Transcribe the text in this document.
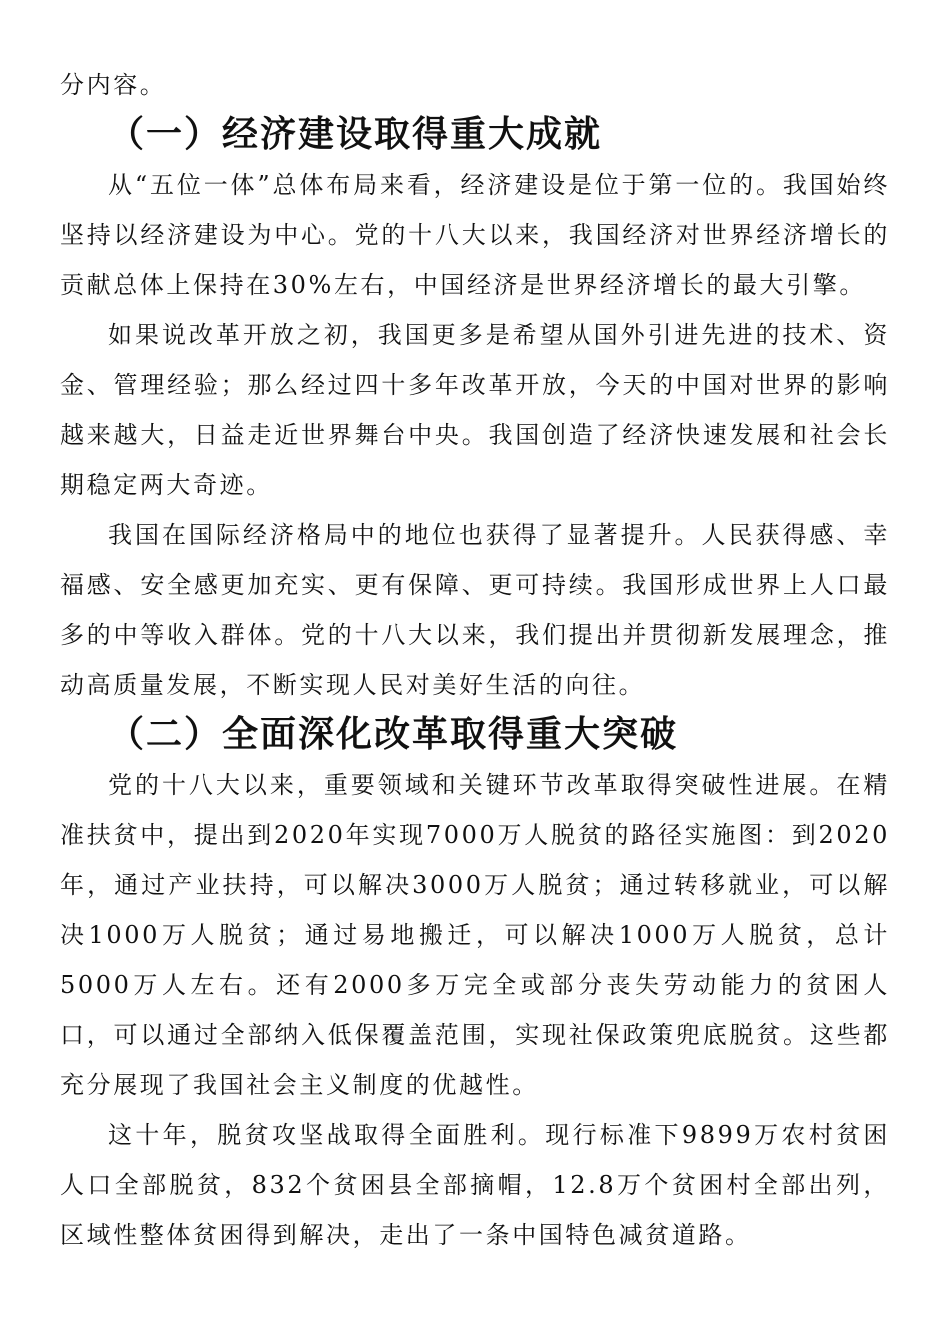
分内容。

（一）经济建设取得重大成就

从“五位一体”总体布局来看，经济建设是位于第一位的。我国始终坚持以经济建设为中心。党的十八大以来，我国经济对世界经济增长的贡献总体上保持在30%左右，中国经济是世界经济增长的最大引擎。

如果说改革开放之初，我国更多是希望从国外引进先进的技术、资金、管理经验；那么经过四十多年改革开放，今天的中国对世界的影响越来越大，日益走近世界舞台中央。我国创造了经济快速发展和社会长期稳定两大奇迹。

我国在国际经济格局中的地位也获得了显著提升。人民获得感、幸福感、安全感更加充实、更有保障、更可持续。我国形成世界上人口最多的中等收入群体。党的十八大以来，我们提出并贯彻新发展理念，推动高质量发展，不断实现人民对美好生活的向往。

（二）全面深化改革取得重大突破

党的十八大以来，重要领域和关键环节改革取得突破性进展。在精准扶贫中，提出到2020年实现7000万人脱贫的路径实施图：到2020年，通过产业扶持，可以解决3000万人脱贫；通过转移就业，可以解决1000万人脱贫；通过易地搬迁，可以解决1000万人脱贫，总计5000万人左右。还有2000多万完全或部分丧失劳动能力的贫困人口，可以通过全部纳入低保覆盖范围，实现社保政策兜底脱贫。这些都充分展现了我国社会主义制度的优越性。

这十年，脱贫攻坚战取得全面胜利。现行标准下9899万农村贫困人口全部脱贫，832个贫困县全部摘帽，12.8万个贫困村全部出列，区域性整体贫困得到解决，走出了一条中国特色减贫道路。
